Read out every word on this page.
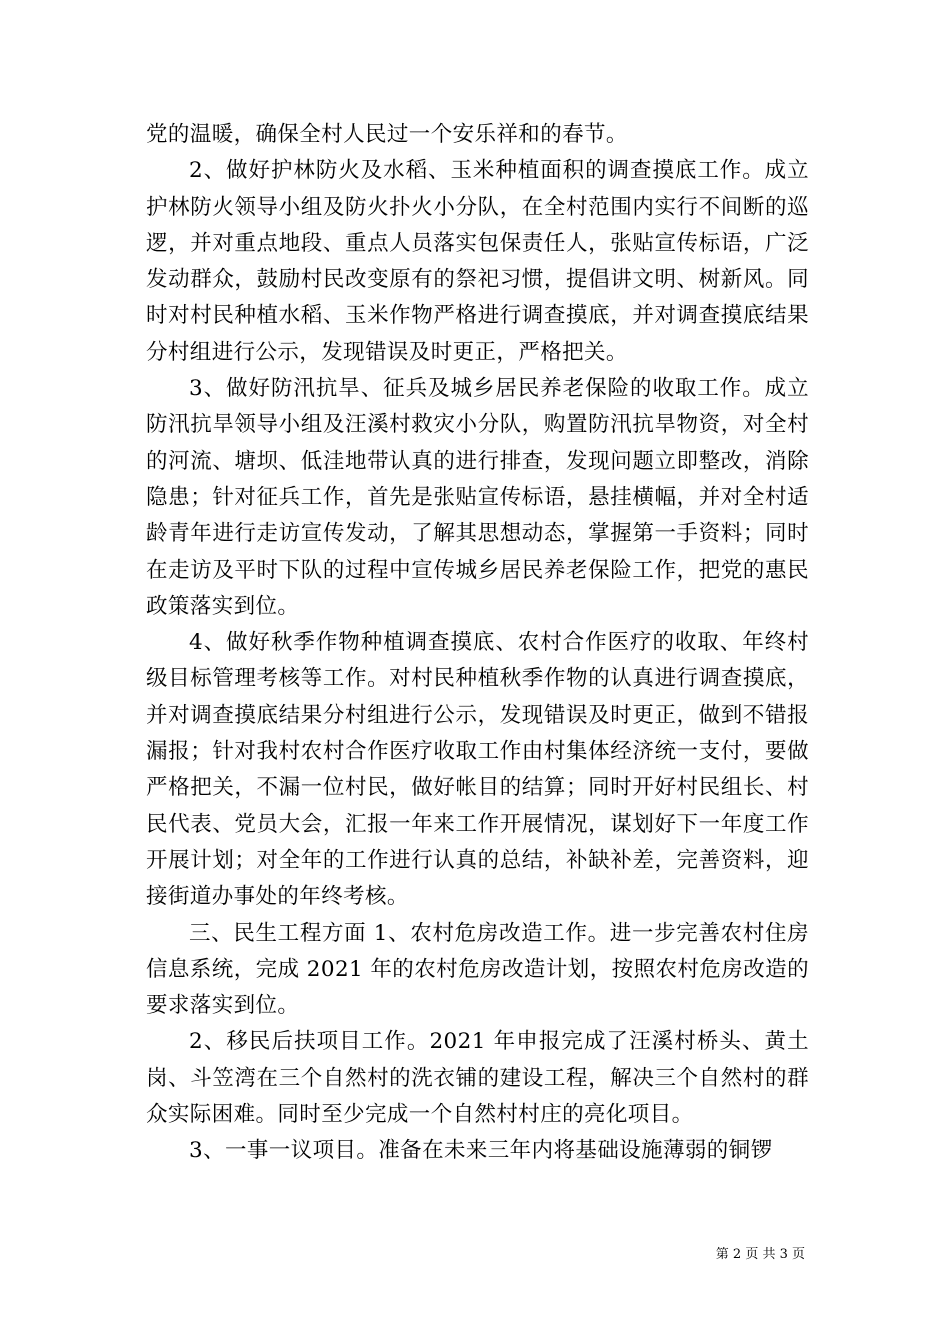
党的温暖，确保全村人民过一个安乐祥和的春节。

2、做好护林防火及水稻、玉米种植面积的调查摸底工作。成立护林防火领导小组及防火扑火小分队，在全村范围内实行不间断的巡逻，并对重点地段、重点人员落实包保责任人，张贴宣传标语，广泛发动群众，鼓励村民改变原有的祭祀习惯，提倡讲文明、树新风。同时对村民种植水稻、玉米作物严格进行调查摸底，并对调查摸底结果分村组进行公示，发现错误及时更正，严格把关。

3、做好防汛抗旱、征兵及城乡居民养老保险的收取工作。成立防汛抗旱领导小组及汪溪村救灾小分队，购置防汛抗旱物资，对全村的河流、塘坝、低洼地带认真的进行排查，发现问题立即整改，消除隐患；针对征兵工作，首先是张贴宣传标语，悬挂横幅，并对全村适龄青年进行走访宣传发动，了解其思想动态，掌握第一手资料；同时在走访及平时下队的过程中宣传城乡居民养老保险工作，把党的惠民政策落实到位。

4、做好秋季作物种植调查摸底、农村合作医疗的收取、年终村级目标管理考核等工作。对村民种植秋季作物的认真进行调查摸底，并对调查摸底结果分村组进行公示，发现错误及时更正，做到不错报漏报；针对我村农村合作医疗收取工作由村集体经济统一支付，要做严格把关，不漏一位村民，做好帐目的结算；同时开好村民组长、村民代表、党员大会，汇报一年来工作开展情况，谋划好下一年度工作开展计划；对全年的工作进行认真的总结，补缺补差，完善资料，迎接街道办事处的年终考核。

三、民生工程方面 1、农村危房改造工作。进一步完善农村住房信息系统，完成 2021 年的农村危房改造计划，按照农村危房改造的要求落实到位。

2、移民后扶项目工作。2021 年申报完成了汪溪村桥头、黄土岗、斗笠湾在三个自然村的洗衣铺的建设工程，解决三个自然村的群众实际困难。同时至少完成一个自然村村庄的亮化项目。

3、一事一议项目。准备在未来三年内将基础设施薄弱的铜锣

第 2 页 共 3 页
